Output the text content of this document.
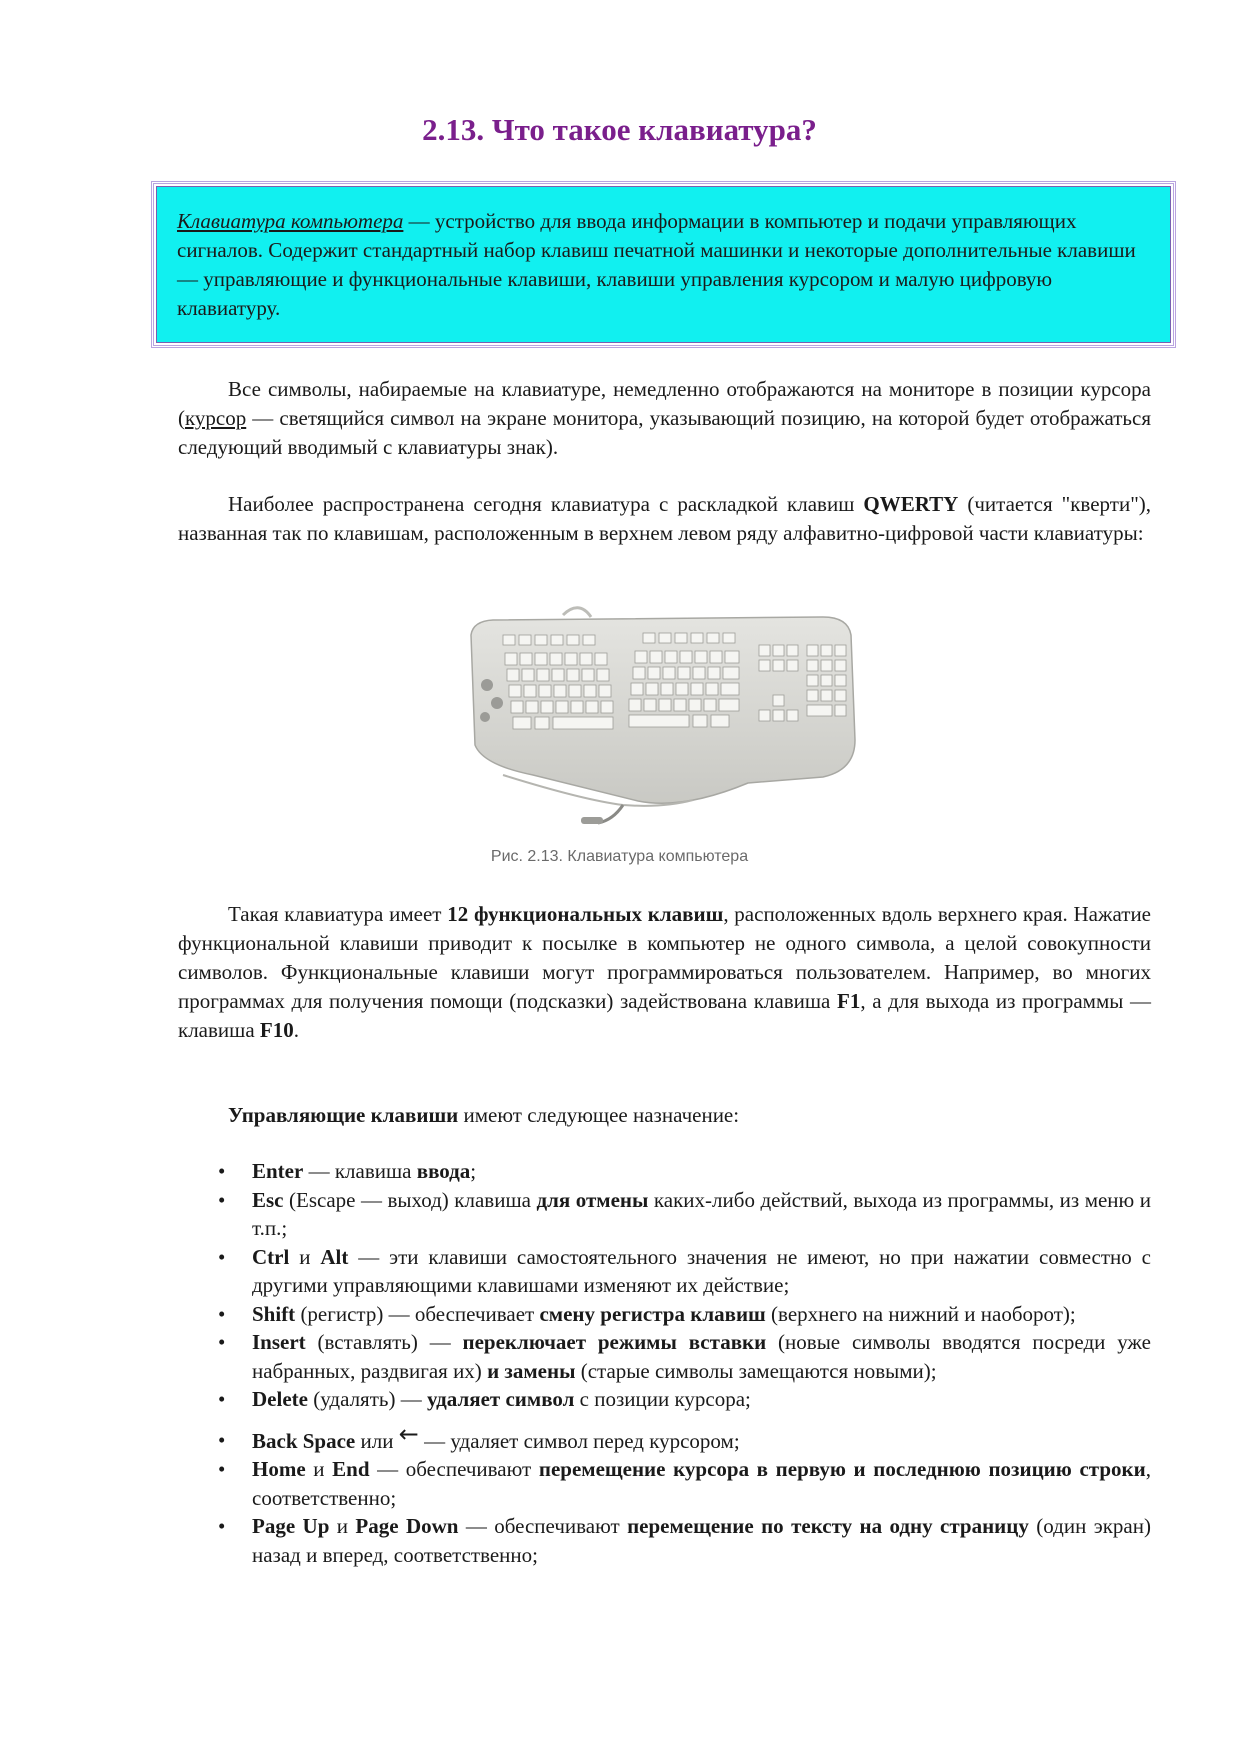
2.13. Что такое клавиатура?

Клавиатура компьютера — устройство для ввода информации в компьютер и подачи управляющих сигналов. Содержит стандартный набор клавиш печатной машинки и некоторые дополнительные клавиши — управляющие и функциональные клавиши, клавиши управления курсором и малую цифровую клавиатуру.

Все символы, набираемые на клавиатуре, немедленно отображаются на мониторе в позиции курсора (курсор — светящийся символ на экране монитора, указывающий позицию, на которой будет отображаться следующий вводимый с клавиатуры знак).

Наиболее распространена сегодня клавиатура с раскладкой клавиш QWERTY (читается "кверти"), названная так по клавишам, расположенным в верхнем левом ряду алфавитно-цифровой части клавиатуры:

Рис. 2.13. Клавиатура компьютера

Такая клавиатура имеет 12 функциональных клавиш, расположенных вдоль верхнего края. Нажатие функциональной клавиши приводит к посылке в компьютер не одного символа, а целой совокупности символов. Функциональные клавиши могут программироваться пользователем. Например, во многих программах для получения помощи (подсказки) задействована клавиша F1, а для выхода из программы — клавиша F10.

Управляющие клавиши имеют следующее назначение:

• Enter — клавиша ввода;
• Esc (Escape — выход) клавиша для отмены каких-либо действий, выхода из программы, из меню и т.п.;
• Ctrl и Alt — эти клавиши самостоятельного значения не имеют, но при нажатии совместно с другими управляющими клавишами изменяют их действие;
• Shift (регистр) — обеспечивает смену регистра клавиш (верхнего на нижний и наоборот);
• Insert (вставлять) — переключает режимы вставки (новые символы вводятся посреди уже набранных, раздвигая их) и замены (старые символы замещаются новыми);
• Delete (удалять) — удаляет символ с позиции курсора;
• Back Space или ← — удаляет символ перед курсором;
• Home и End — обеспечивают перемещение курсора в первую и последнюю позицию строки, соответственно;
• Page Up и Page Down — обеспечивают перемещение по тексту на одну страницу (один экран) назад и вперед, соответственно;
